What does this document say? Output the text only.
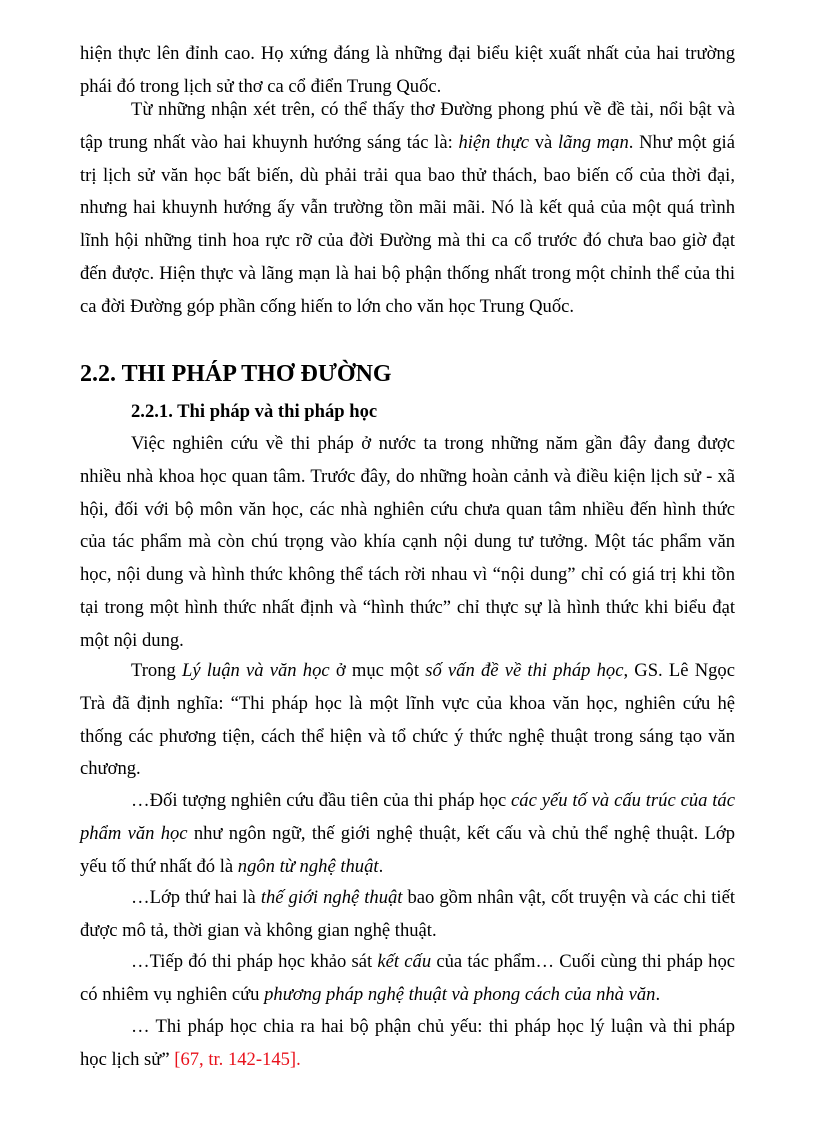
hiện thực lên đỉnh cao. Họ xứng đáng là những đại biểu kiệt xuất nhất của hai trường phái đó trong lịch sử thơ ca cổ điển Trung Quốc.

Từ những nhận xét trên, có thể thấy thơ Đường phong phú về đề tài, nổi bật và tập trung nhất vào hai khuynh hướng sáng tác là: hiện thực và lãng mạn. Như một giá trị lịch sử văn học bất biến, dù phải trải qua bao thử thách, bao biến cố của thời đại, nhưng hai khuynh hướng ấy vẫn trường tồn mãi mãi. Nó là kết quả của một quá trình lĩnh hội những tinh hoa rực rỡ của đời Đường mà thi ca cổ trước đó chưa bao giờ đạt đến được. Hiện thực và lãng mạn là hai bộ phận thống nhất trong một chỉnh thể của thi ca đời Đường góp phần cống hiến to lớn cho văn học Trung Quốc.

2.2. THI PHÁP THƠ ĐƯỜNG
2.2.1. Thi pháp và thi pháp học

Việc nghiên cứu về thi pháp ở nước ta trong những năm gần đây đang được nhiều nhà khoa học quan tâm. Trước đây, do những hoàn cảnh và điều kiện lịch sử - xã hội, đối với bộ môn văn học, các nhà nghiên cứu chưa quan tâm nhiều đến hình thức của tác phẩm mà còn chú trọng vào khía cạnh nội dung tư tưởng. Một tác phẩm văn học, nội dung và hình thức không thể tách rời nhau vì “nội dung” chỉ có giá trị khi tồn tại trong một hình thức nhất định và “hình thức” chỉ thực sự là hình thức khi biểu đạt một nội dung.

Trong Lý luận và văn học ở mục một số vấn đề về thi pháp học, GS. Lê Ngọc Trà đã định nghĩa: “Thi pháp học là một lĩnh vực của khoa văn học, nghiên cứu hệ thống các phương tiện, cách thể hiện và tổ chức ý thức nghệ thuật trong sáng tạo văn chương.

…Đối tượng nghiên cứu đầu tiên của thi pháp học các yếu tố và cấu trúc của tác phẩm văn học như ngôn ngữ, thế giới nghệ thuật, kết cấu và chủ thể nghệ thuật. Lớp yếu tố thứ nhất đó là ngôn từ nghệ thuật.

…Lớp thứ hai là thế giới nghệ thuật bao gồm nhân vật, cốt truyện và các chi tiết được mô tả, thời gian và không gian nghệ thuật.

…Tiếp đó thi pháp học khảo sát kết cấu của tác phẩm… Cuối cùng thi pháp học có nhiêm vụ nghiên cứu phương pháp nghệ thuật và phong cách của nhà văn.

… Thi pháp học chia ra hai bộ phận chủ yếu: thi pháp học lý luận và thi pháp học lịch sử” [67, tr. 142-145].
